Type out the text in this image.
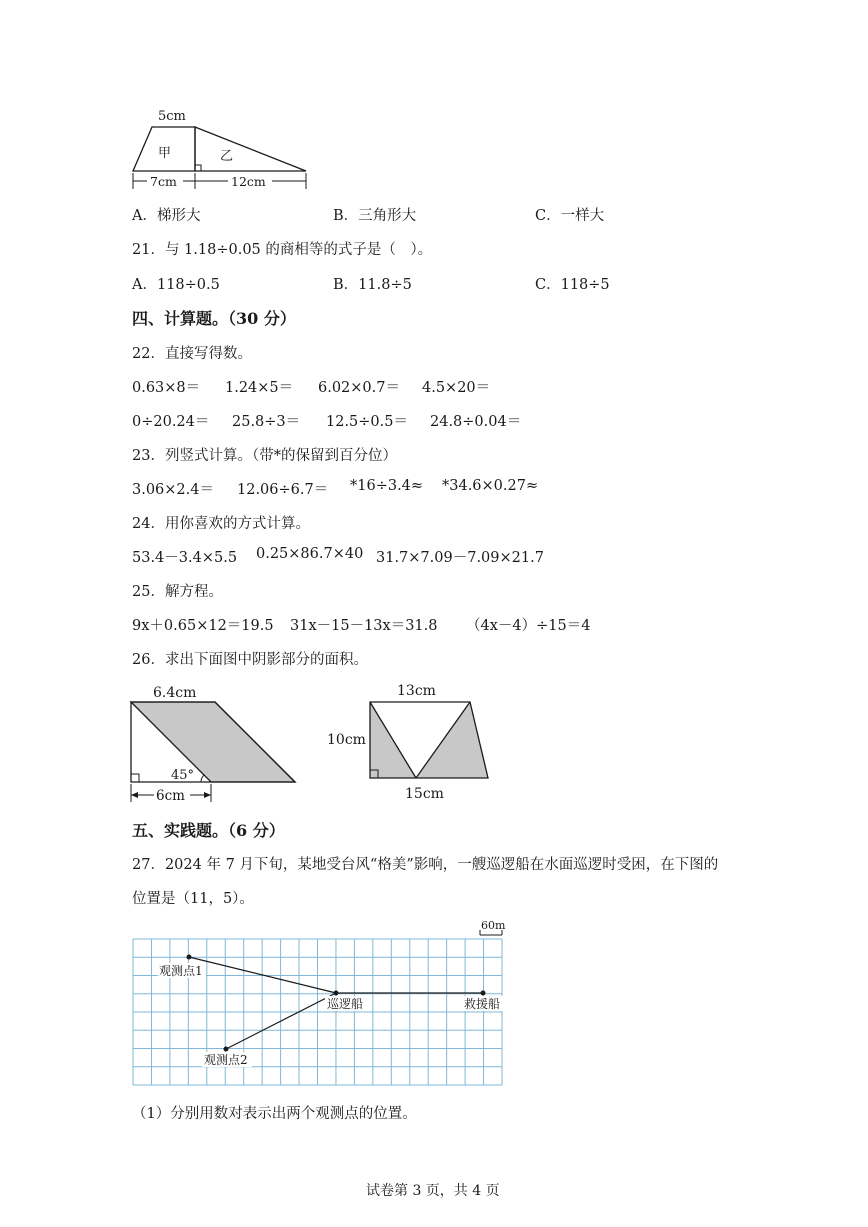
5cm
甲	乙
7cm	12cm
A．梯形大	B．三角形大	C．一样大
21．与 1.18÷0.05 的商相等的式子是（　）。
A．118÷0.5	B．11.8÷5	C．118÷5
四、计算题。（30 分）
22．直接写得数。
0.63×8＝ 1.24×5＝ 6.02×0.7＝ 4.5×20＝
0÷20.24＝ 25.8÷3＝ 12.5÷0.5＝ 24.8÷0.04＝
23．列竖式计算。（带*的保留到百分位）
3.06×2.4＝ 12.06÷6.7＝ *16÷3.4≈ *34.6×0.27≈
24．用你喜欢的方式计算。
53.4－3.4×5.5 0.25×86.7×40 31.7×7.09－7.09×21.7
25．解方程。
9x＋0.65×12＝19.5 31x－15－13x＝31.8 （4x－4）÷15＝4
26．求出下面图中阴影部分的面积。
6.4cm
45°
6cm
13cm
10cm
15cm
五、实践题。（6 分）
27．2024 年 7 月下旬，某地受台风“格美”影响，一艘巡逻船在水面巡逻时受困，在下图的
位置是（11，5）。
60m
观测点1
巡逻船	救援船
观测点2
（1）分别用数对表示出两个观测点的位置。
试卷第 3 页，共 4 页
